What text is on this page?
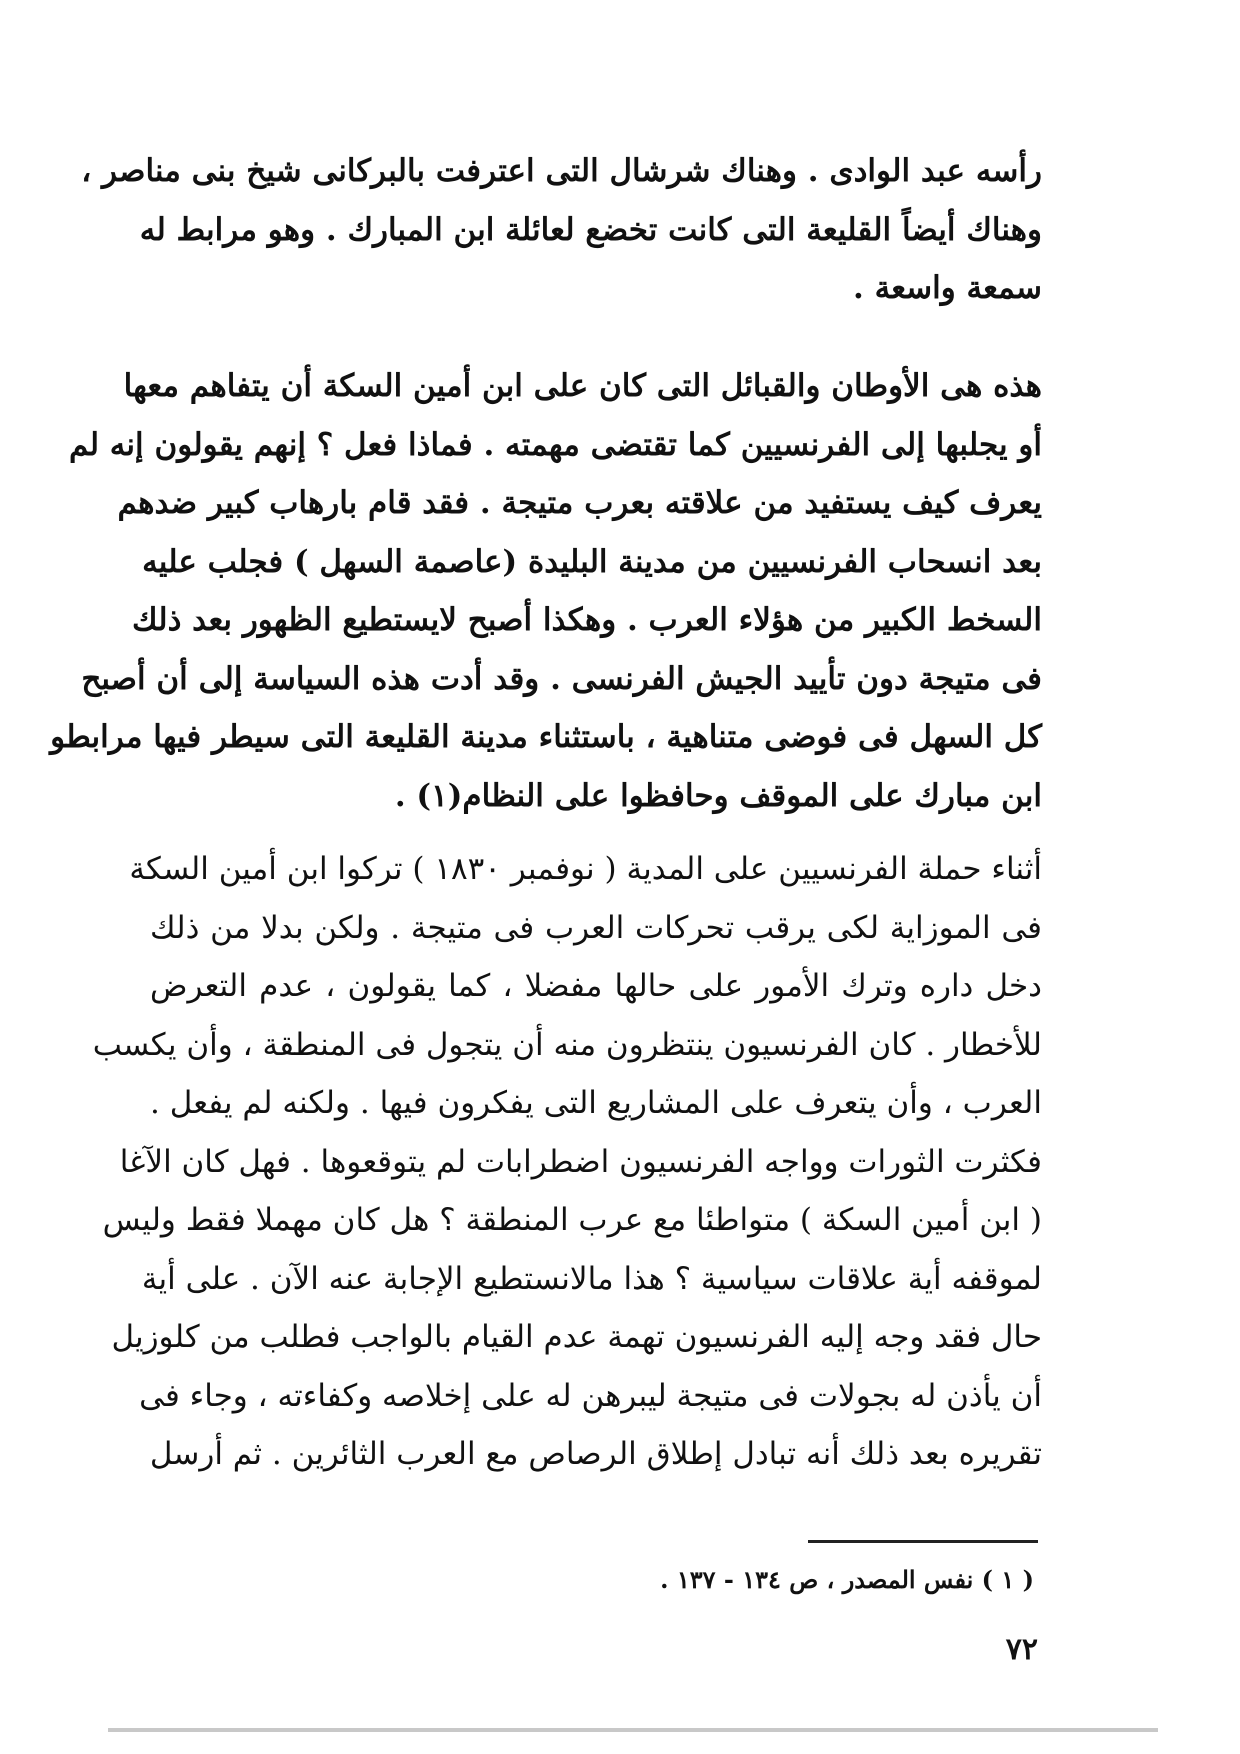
رأسه عبد الوادى . وهناك شرشال التى اعترفت بالبركانى شيخ بنى مناصر ،
وهناك أيضاً القليعة التى كانت تخضع لعائلة ابن المبارك . وهو مرابط له
سمعة واسعة .
هذه هى الأوطان والقبائل التى كان على ابن أمين السكة أن يتفاهم معها
أو يجلبها إلى الفرنسيين كما تقتضى مهمته . فماذا فعل ؟ إنهم يقولون إنه لم
يعرف كيف يستفيد من علاقته بعرب متيجة . فقد قام بارهاب كبير ضدهم
بعد انسحاب الفرنسيين من مدينة البليدة (عاصمة السهل ) فجلب عليه
السخط الكبير من هؤلاء العرب . وهكذا أصبح لايستطيع الظهور بعد ذلك
فى متيجة دون تأييد الجيش الفرنسى . وقد أدت هذه السياسة إلى أن أصبح
كل السهل فى فوضى متناهية ، باستثناء مدينة القليعة التى سيطر فيها مرابطو
ابن مبارك على الموقف وحافظوا على النظام(١) .
أثناء حملة الفرنسيين على المدية ( نوفمبر ١٨٣٠ ) تركوا ابن أمين السكة
فى الموزاية لكى يرقب تحركات العرب فى متيجة . ولكن بدلا من ذلك
دخل داره وترك الأمور على حالها مفضلا ، كما يقولون ، عدم التعرض
للأخطار . كان الفرنسيون ينتظرون منه أن يتجول فى المنطقة ، وأن يكسب
العرب ، وأن يتعرف على المشاريع التى يفكرون فيها . ولكنه لم يفعل .
فكثرت الثورات وواجه الفرنسيون اضطرابات لم يتوقعوها . فهل كان الآغا
( ابن أمين السكة ) متواطئا مع عرب المنطقة ؟ هل كان مهملا فقط وليس
لموقفه أية علاقات سياسية ؟ هذا مالانستطيع الإجابة عنه الآن . على أية
حال فقد وجه إليه الفرنسيون تهمة عدم القيام بالواجب فطلب من كلوزيل
أن يأذن له بجولات فى متيجة ليبرهن له على إخلاصه وكفاءته ، وجاء فى
تقريره بعد ذلك أنه تبادل إطلاق الرصاص مع العرب الثائرين . ثم أرسل
( ١ ) نفس المصدر ، ص ١٣٤ - ١٣٧ .
٧٢
